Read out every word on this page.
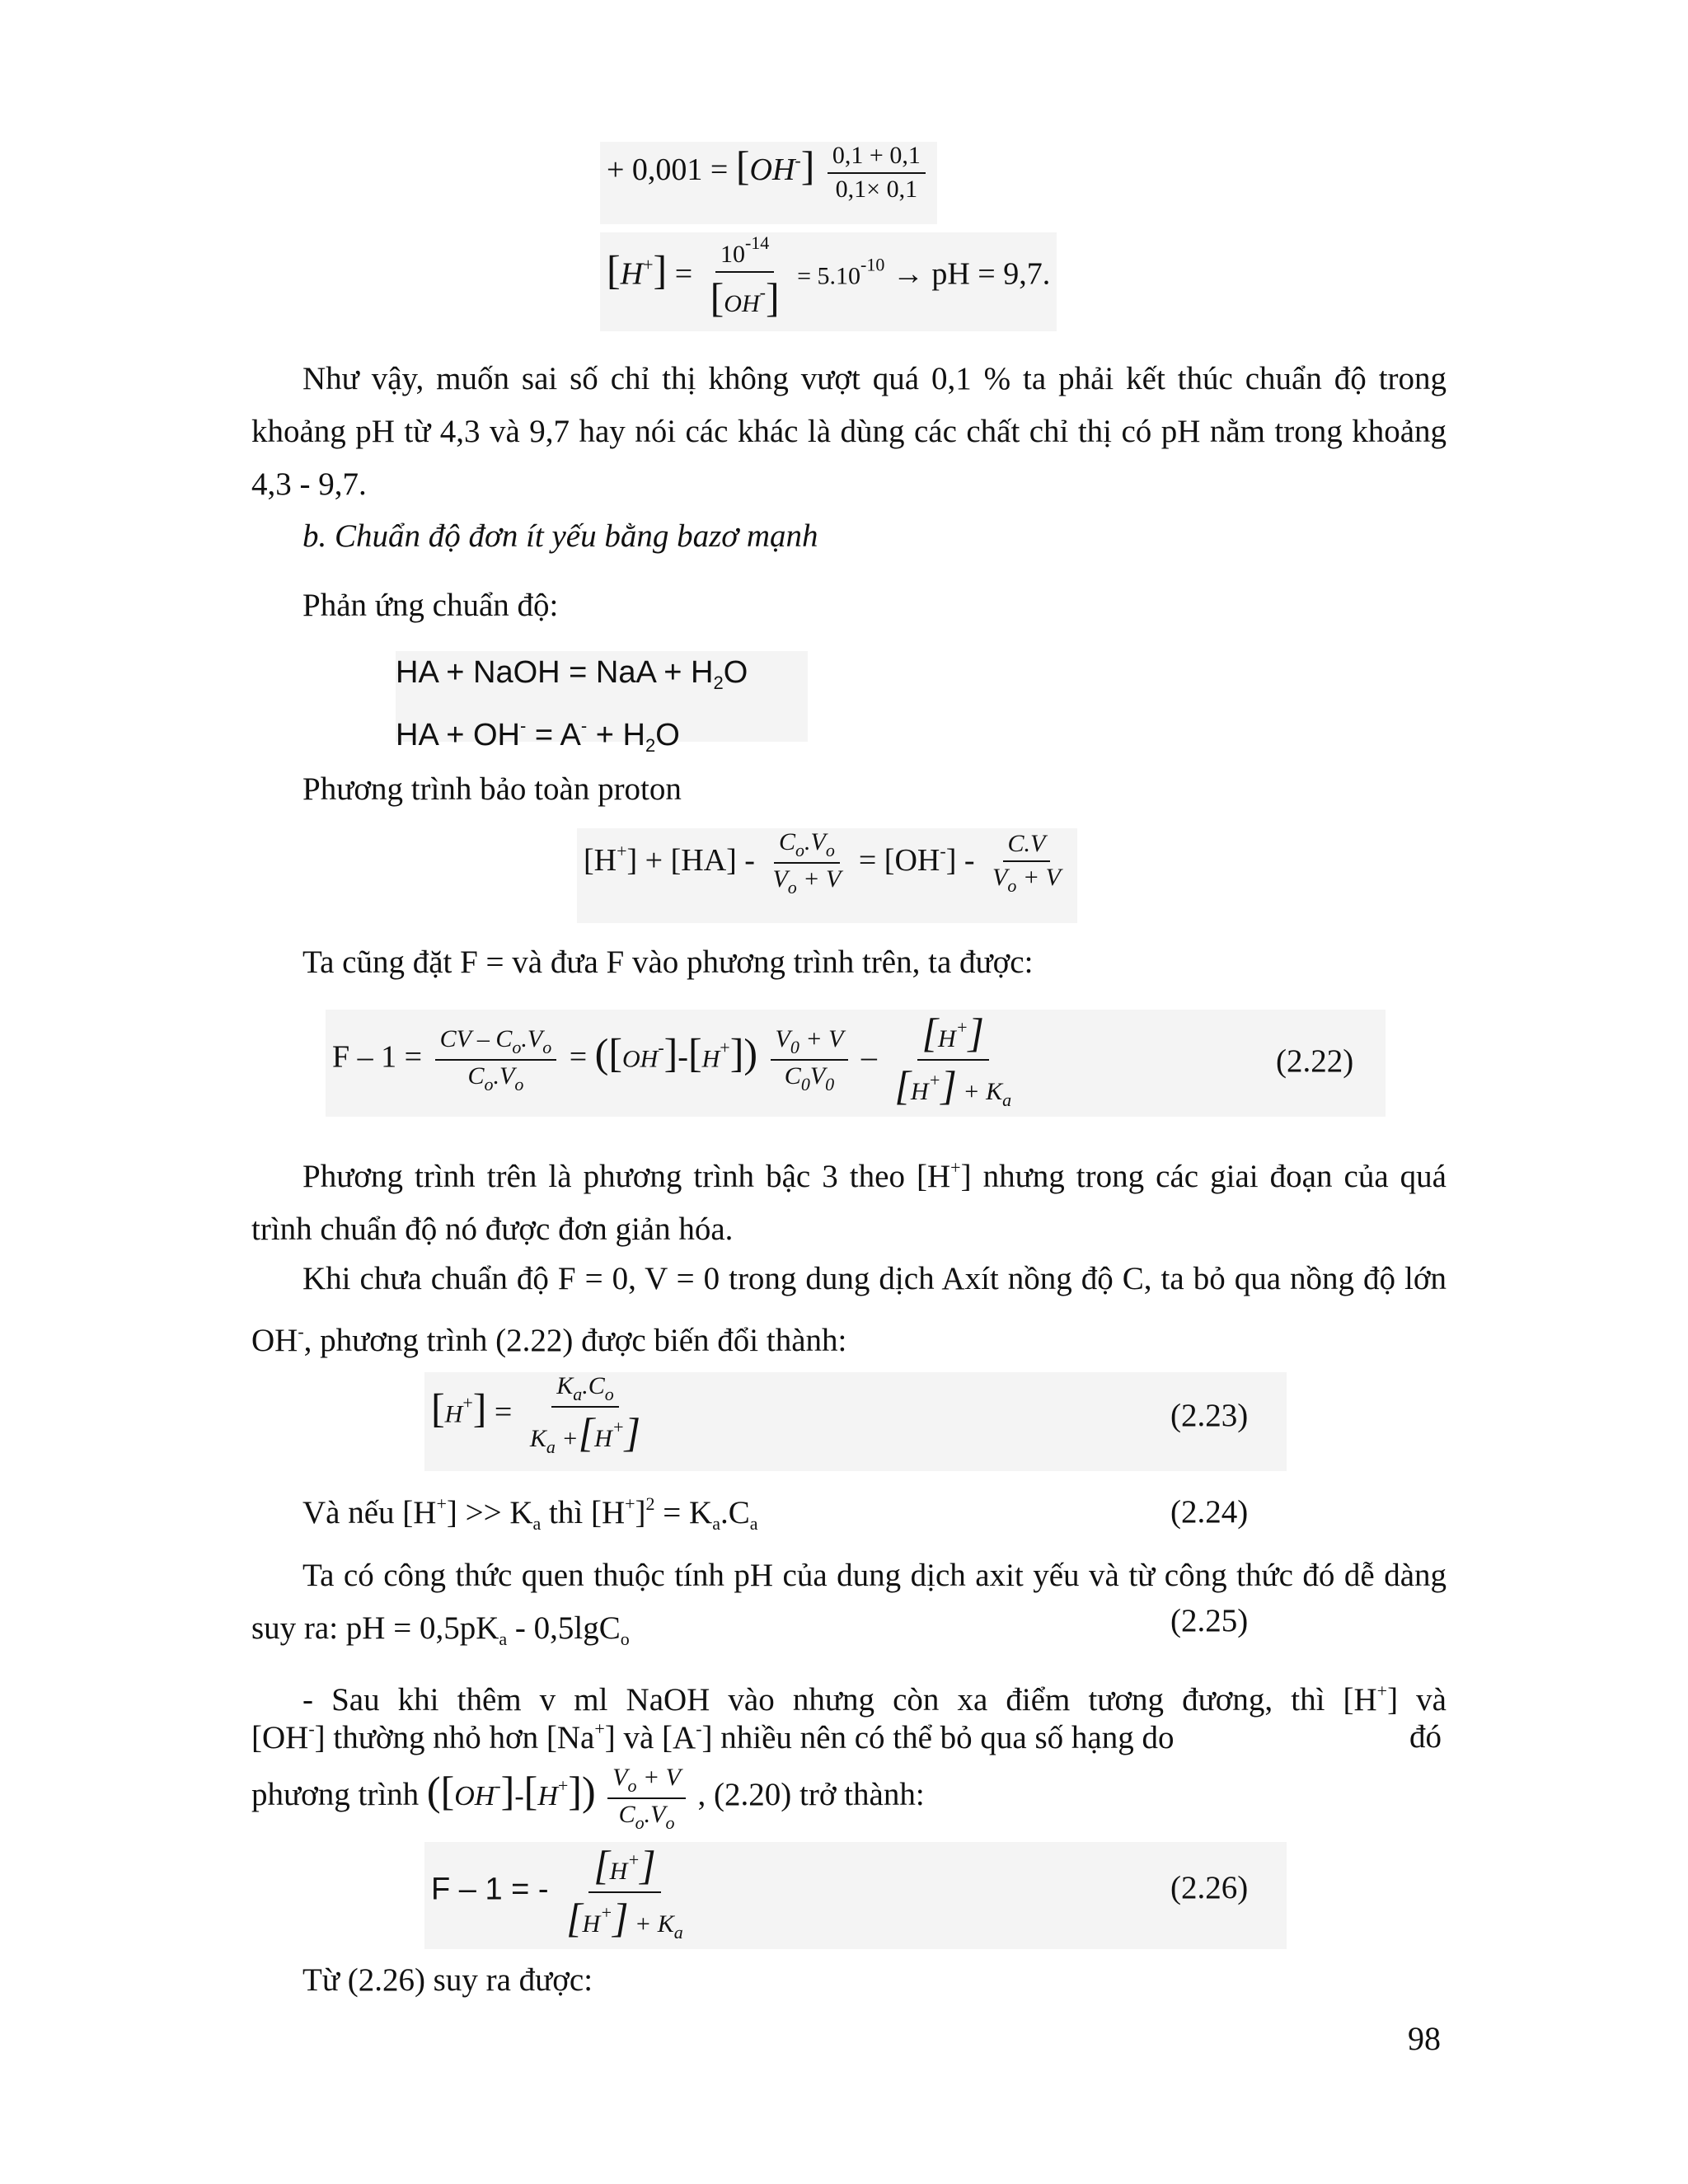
+ $0,001 = [OH^-] \frac{0,1 + 0,1}{0,1\times 0,1}$
$[H^+] = \frac{10^{-14}}{[OH^-]} = 5.10^{-10}$ → pH = 9,7.

Như vậy, muốn sai số chỉ thị không vượt quá 0,1 % ta phải kết thúc chuẩn độ trong khoảng pH từ 4,3 và 9,7 hay nói các khác là dùng các chất chỉ thị có pH nằm trong khoảng 4,3 - 9,7.

b. Chuẩn độ đơn ít yếu bằng bazơ mạnh

Phản ứng chuẩn độ:

HA + NaOH = NaA + $H_2O$
HA + $OH^- = A^- + H_2O$

Phương trình bảo toàn proton

$[H^+] + [HA] - \frac{C_o.V_o}{V_o + V} = [OH^-] - \frac{C.V}{V_o + V}$

Ta cũng đặt F = và đưa F vào phương trình trên, ta được:

$F - 1 = \frac{CV - C_o.V_o}{C_o.V_o} = ([OH^-]-[H^+]) \frac{V_0 + V}{C_0V_0} - \frac{[H^+]}{[H^+] + K_a}$	(2.22)

Phương trình trên là phương trình bậc 3 theo [H+] nhưng trong các giai đoạn của quá trình chuẩn độ nó được đơn giản hóa.

Khi chưa chuẩn độ F = 0, V = 0 trong dung dịch Axít nồng độ C, ta bỏ qua nồng độ lớn OH-, phương trình (2.22) được biến đổi thành:

$[H^+] = \frac{K_a.C_o}{K_a +[H^+]}$	(2.23)

Và nếu $[H^+] >> K_a$ thì $[H^+]^2 = K_a.C_a$	(2.24)

Ta có công thức quen thuộc tính pH của dung dịch axit yếu và từ công thức đó dễ dàng suy ra: pH = $0,5pK_a - 0,5\lg C_o$

(2.25)
- Sau khi thêm v ml NaOH vào nhưng còn xa điểm tương đương, thì [H+] và

[OH-] thường nhỏ hơn [Na+] và [A-] nhiều nên có thể bỏ qua số hạng do	đó

phương trình $([OH^-]-[H^+]) \frac{V_o + V}{C_o.V_o}$ , (2.20) trở thành:
F – 1 = - $\frac{[H^+]}{[H^+] + K_a}$	(2.26)

Từ (2.26) suy ra được:

98
